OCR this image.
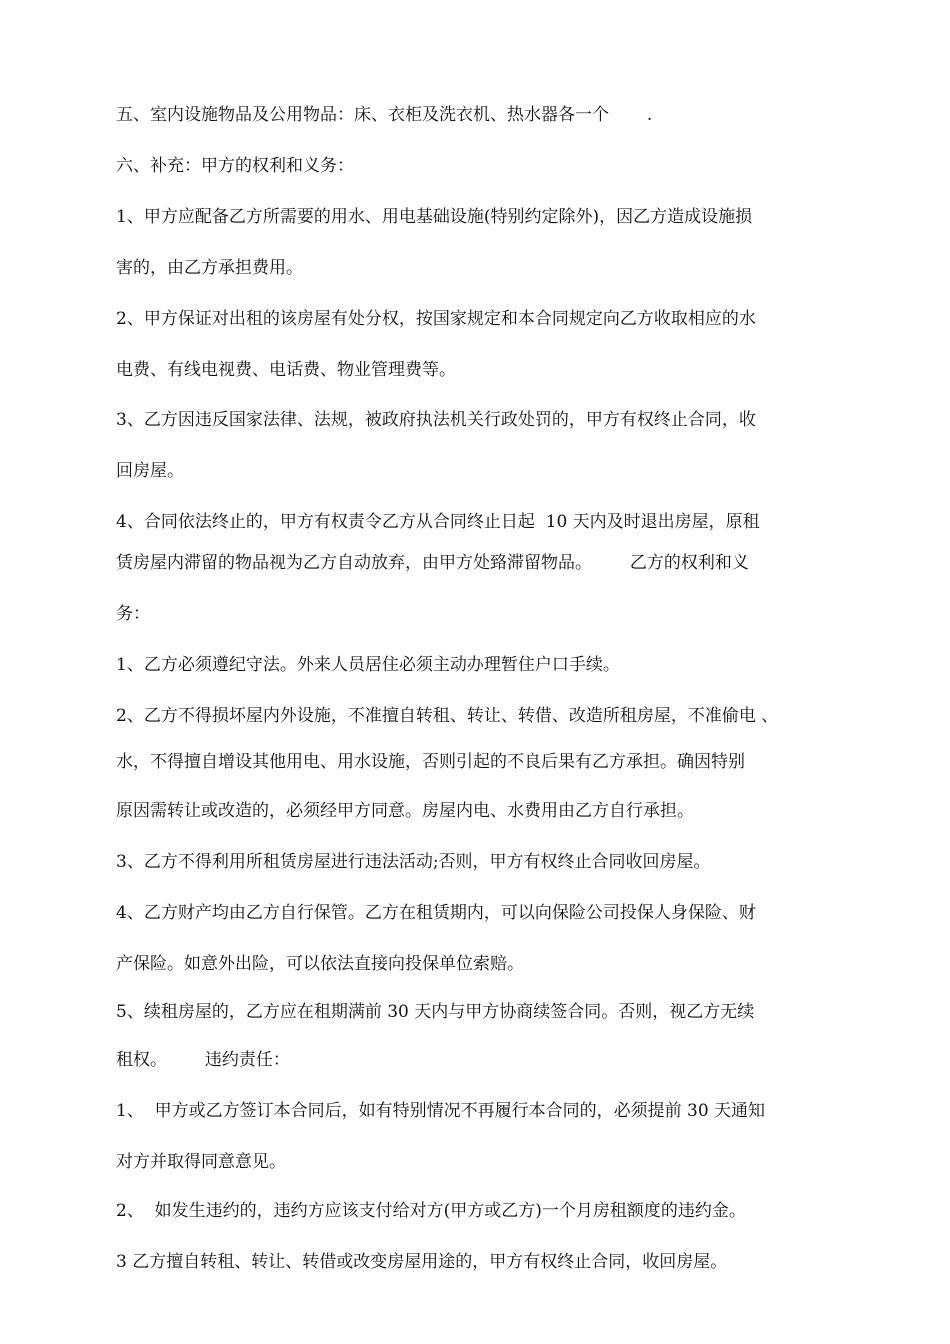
五、室内设施物品及公用物品：床、衣柜及洗衣机、热水器各一个       .

六、补充：甲方的权利和义务：

1、甲方应配备乙方所需要的用水、用电基础设施(特别约定除外)，因乙方造成设施损

害的，由乙方承担费用。

2、甲方保证对出租的该房屋有处分权，按国家规定和本合同规定向乙方收取相应的水

电费、有线电视费、电话费、物业管理费等。

3、乙方因违反国家法律、法规，被政府执法机关行政处罚的，甲方有权终止合同，收

回房屋。

4、合同依法终止的，甲方有权责令乙方从合同终止日起  10 天内及时退出房屋，原租

赁房屋内滞留的物品视为乙方自动放弃，由甲方处臵滞留物品。       乙方的权利和义

务：

1、乙方必须遵纪守法。外来人员居住必须主动办理暂住户口手续。

2、乙方不得损坏屋内外设施，不准擅自转租、转让、转借、改造所租房屋，不准偷电 、

水，不得擅自增设其他用电、用水设施，否则引起的不良后果有乙方承担。确因特别

原因需转让或改造的，必须经甲方同意。房屋内电、水费用由乙方自行承担。

3、乙方不得利用所租赁房屋进行违法活动;否则，甲方有权终止合同收回房屋。

4、乙方财产均由乙方自行保管。乙方在租赁期内，可以向保险公司投保人身保险、财

产保险。如意外出险，可以依法直接向投保单位索赔。

5、续租房屋的，乙方应在租期满前 30 天内与甲方协商续签合同。否则，视乙方无续

租权。       违约责任：

1、  甲方或乙方签订本合同后，如有特别情况不再履行本合同的，必须提前 30 天通知

对方并取得同意意见。

2、  如发生违约的，违约方应该支付给对方(甲方或乙方)一个月房租额度的违约金。

3 乙方擅自转租、转让、转借或改变房屋用途的，甲方有权终止合同，收回房屋。
